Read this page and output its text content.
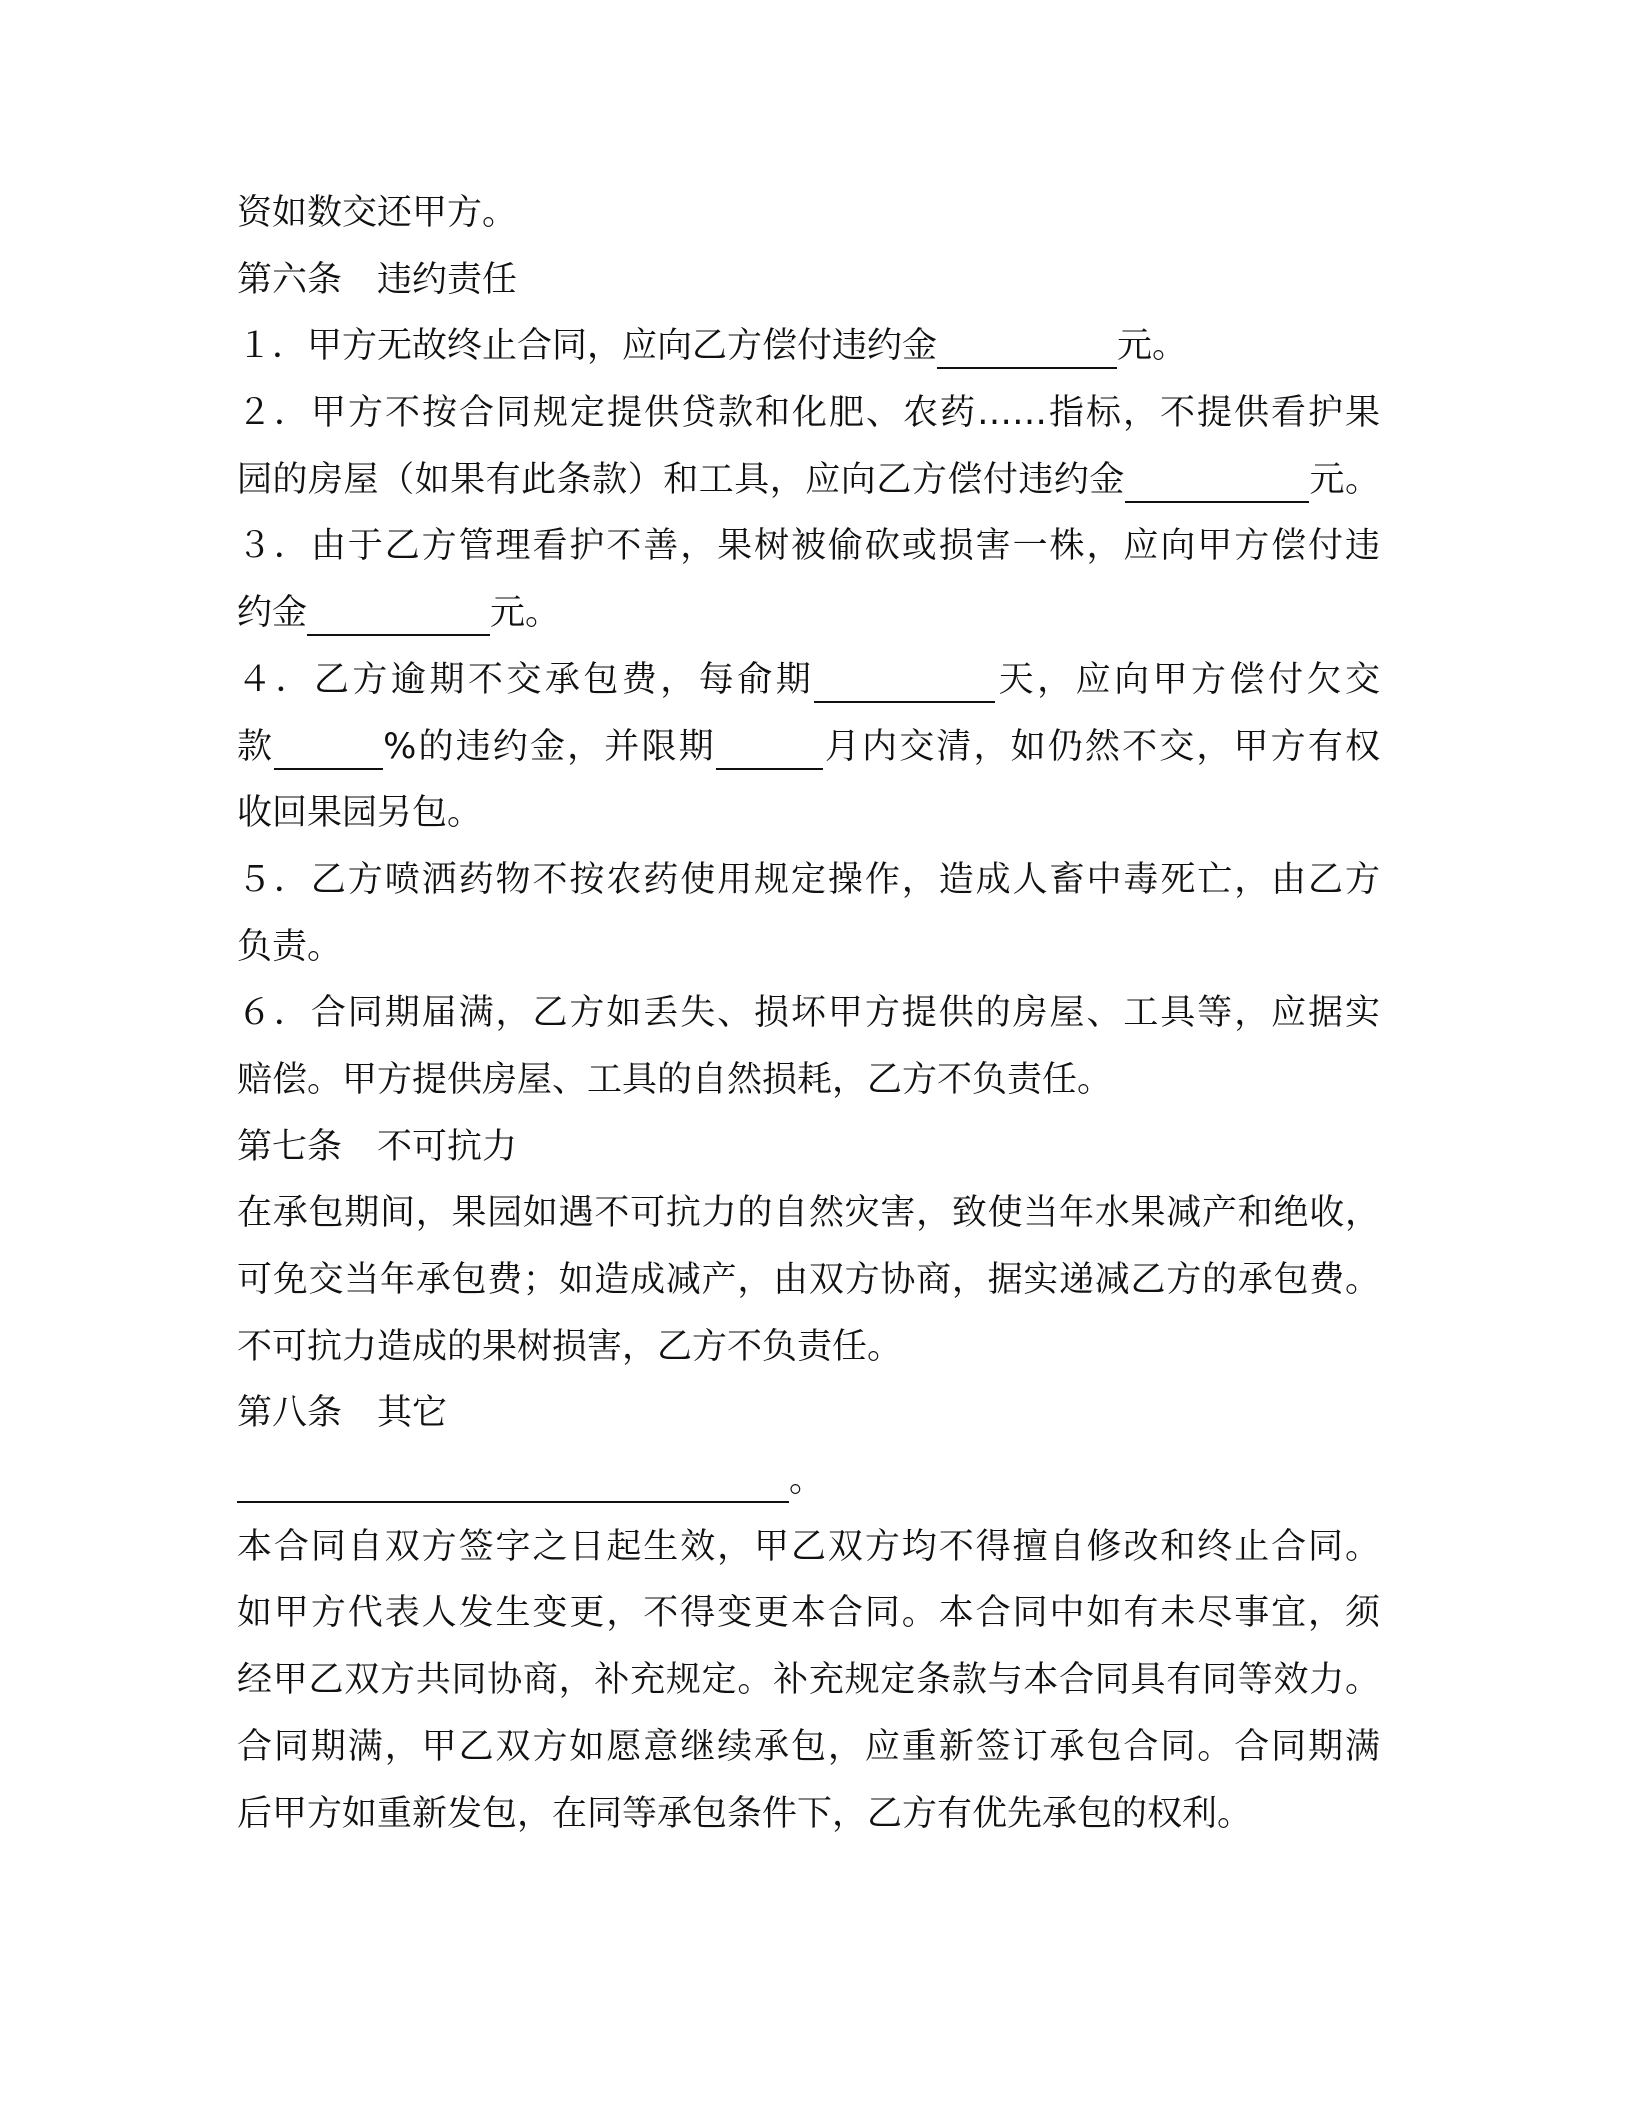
资如数交还甲方。
第六条　违约责任
１．甲方无故终止合同，应向乙方偿付违约金	元。
２．甲方不按合同规定提供贷款和化肥、农药……指标，不提供看护果
园的房屋（如果有此条款）和工具，应向乙方偿付违约金	元。
３．由于乙方管理看护不善，果树被偷砍或损害一株，应向甲方偿付违
约金	元。
４．乙方逾期不交承包费，每俞期	天，应向甲方偿付欠交
款	%的违约金，并限期	月内交清，如仍然不交，甲方有权
收回果园另包。
５．乙方喷洒药物不按农药使用规定操作，造成人畜中毒死亡，由乙方
负责。
６．合同期届满，乙方如丢失、损坏甲方提供的房屋、工具等，应据实
赔偿。甲方提供房屋、工具的自然损耗，乙方不负责任。
第七条　不可抗力
在承包期间，果园如遇不可抗力的自然灾害，致使当年水果减产和绝收，
可免交当年承包费；如造成减产，由双方协商，据实递减乙方的承包费。
不可抗力造成的果树损害，乙方不负责任。
第八条　其它
。
本合同自双方签字之日起生效，甲乙双方均不得擅自修改和终止合同。
如甲方代表人发生变更，不得变更本合同。本合同中如有未尽事宜，须
经甲乙双方共同协商，补充规定。补充规定条款与本合同具有同等效力。
合同期满，甲乙双方如愿意继续承包，应重新签订承包合同。合同期满
后甲方如重新发包，在同等承包条件下，乙方有优先承包的权利。
